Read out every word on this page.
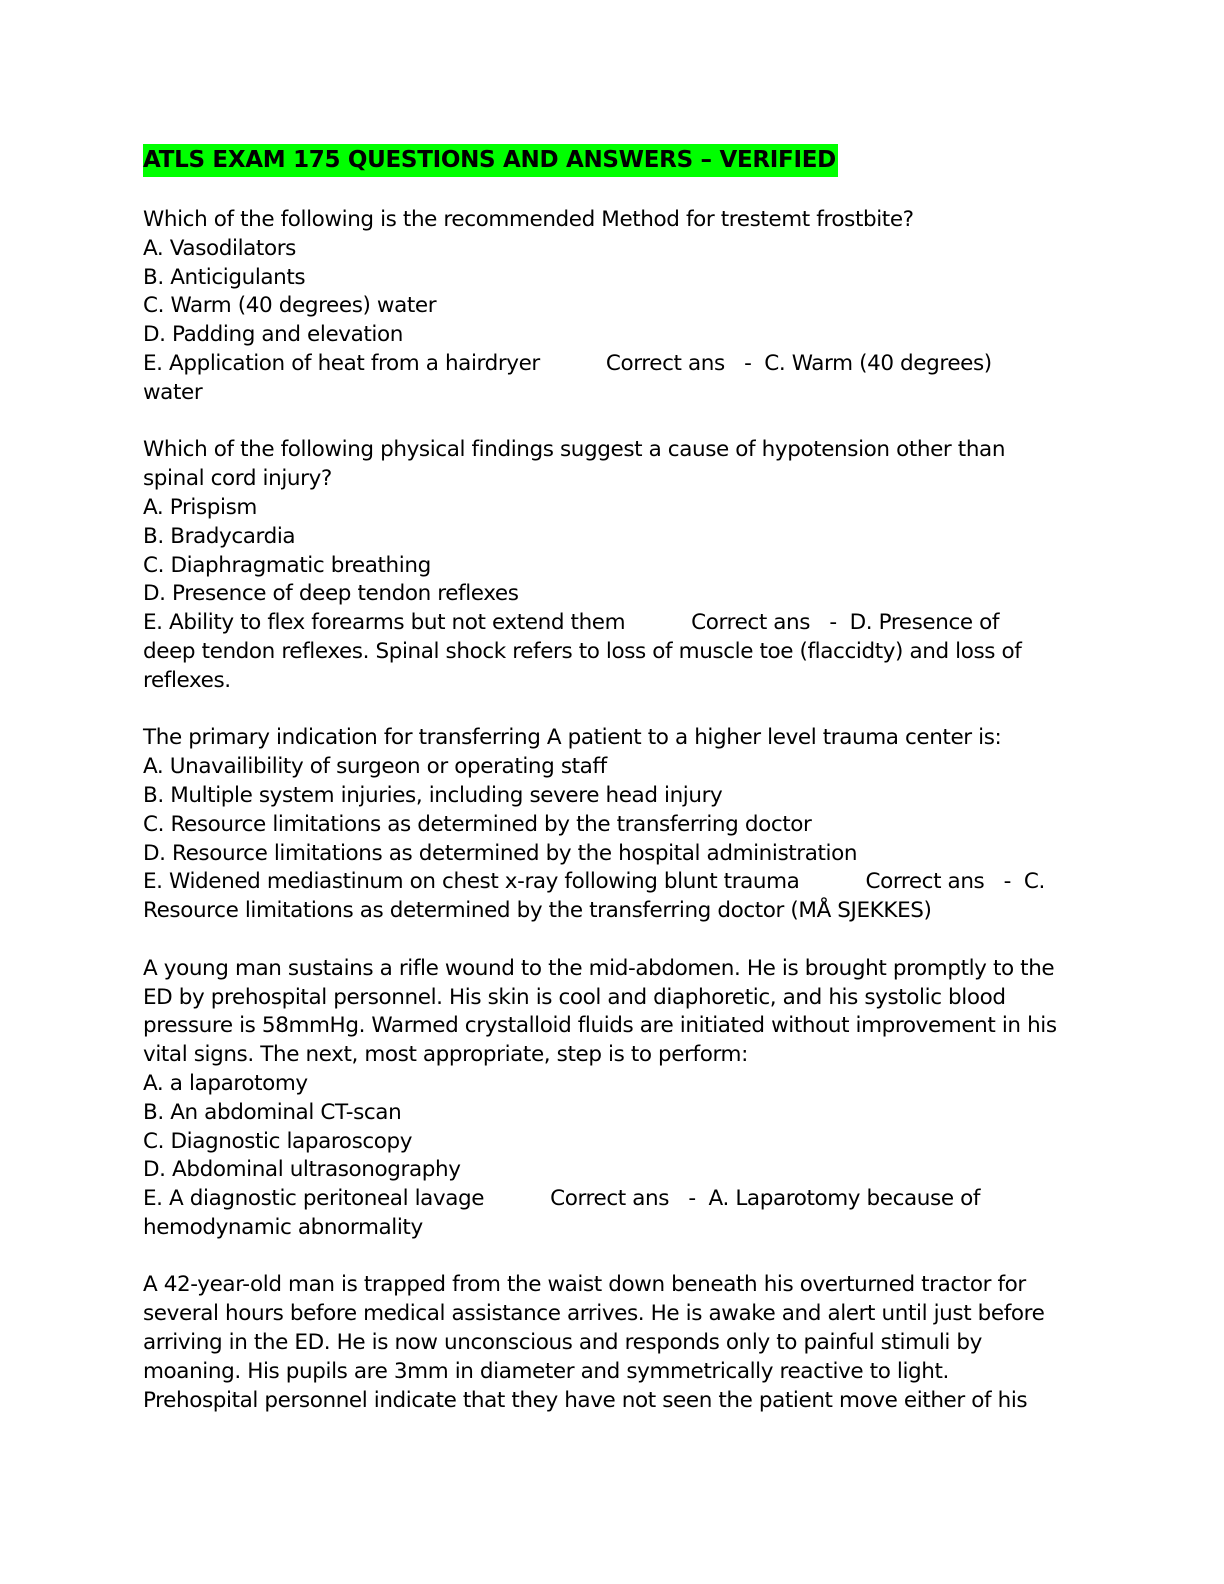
ATLS EXAM 175 QUESTIONS AND ANSWERS – VERIFIED
Which of the following is the recommended Method for trestemt frostbite?
A. Vasodilators
B. Anticigulants
C. Warm (40 degrees) water
D. Padding and elevation
E. Application of heat from a hairdryer	Correct ans   -  C. Warm (40 degrees)
water
Which of the following physical findings suggest a cause of hypotension other than
spinal cord injury?
A. Prispism
B. Bradycardia
C. Diaphragmatic breathing
D. Presence of deep tendon reflexes
E. Ability to flex forearms but not extend them	Correct ans   -  D. Presence of
deep tendon reflexes. Spinal shock refers to loss of muscle toe (flaccidty) and loss of
reflexes.
The primary indication for transferring A patient to a higher level trauma center is:
A. Unavailibility of surgeon or operating staff
B. Multiple system injuries, including severe head injury
C. Resource limitations as determined by the transferring doctor
D. Resource limitations as determined by the hospital administration
E. Widened mediastinum on chest x-ray following blunt trauma	Correct ans   -  C.
Resource limitations as determined by the transferring doctor (MÅ SJEKKES)
A young man sustains a rifle wound to the mid-abdomen. He is brought promptly to the
ED by prehospital personnel. His skin is cool and diaphoretic, and his systolic blood
pressure is 58mmHg. Warmed crystalloid fluids are initiated without improvement in his
vital signs. The next, most appropriate, step is to perform:
A. a laparotomy
B. An abdominal CT-scan
C. Diagnostic laparoscopy
D. Abdominal ultrasonography
E. A diagnostic peritoneal lavage	Correct ans   -  A. Laparotomy because of
hemodynamic abnormality
A 42-year-old man is trapped from the waist down beneath his overturned tractor for
several hours before medical assistance arrives. He is awake and alert until just before
arriving in the ED. He is now unconscious and responds only to painful stimuli by
moaning. His pupils are 3mm in diameter and symmetrically reactive to light.
Prehospital personnel indicate that they have not seen the patient move either of his
